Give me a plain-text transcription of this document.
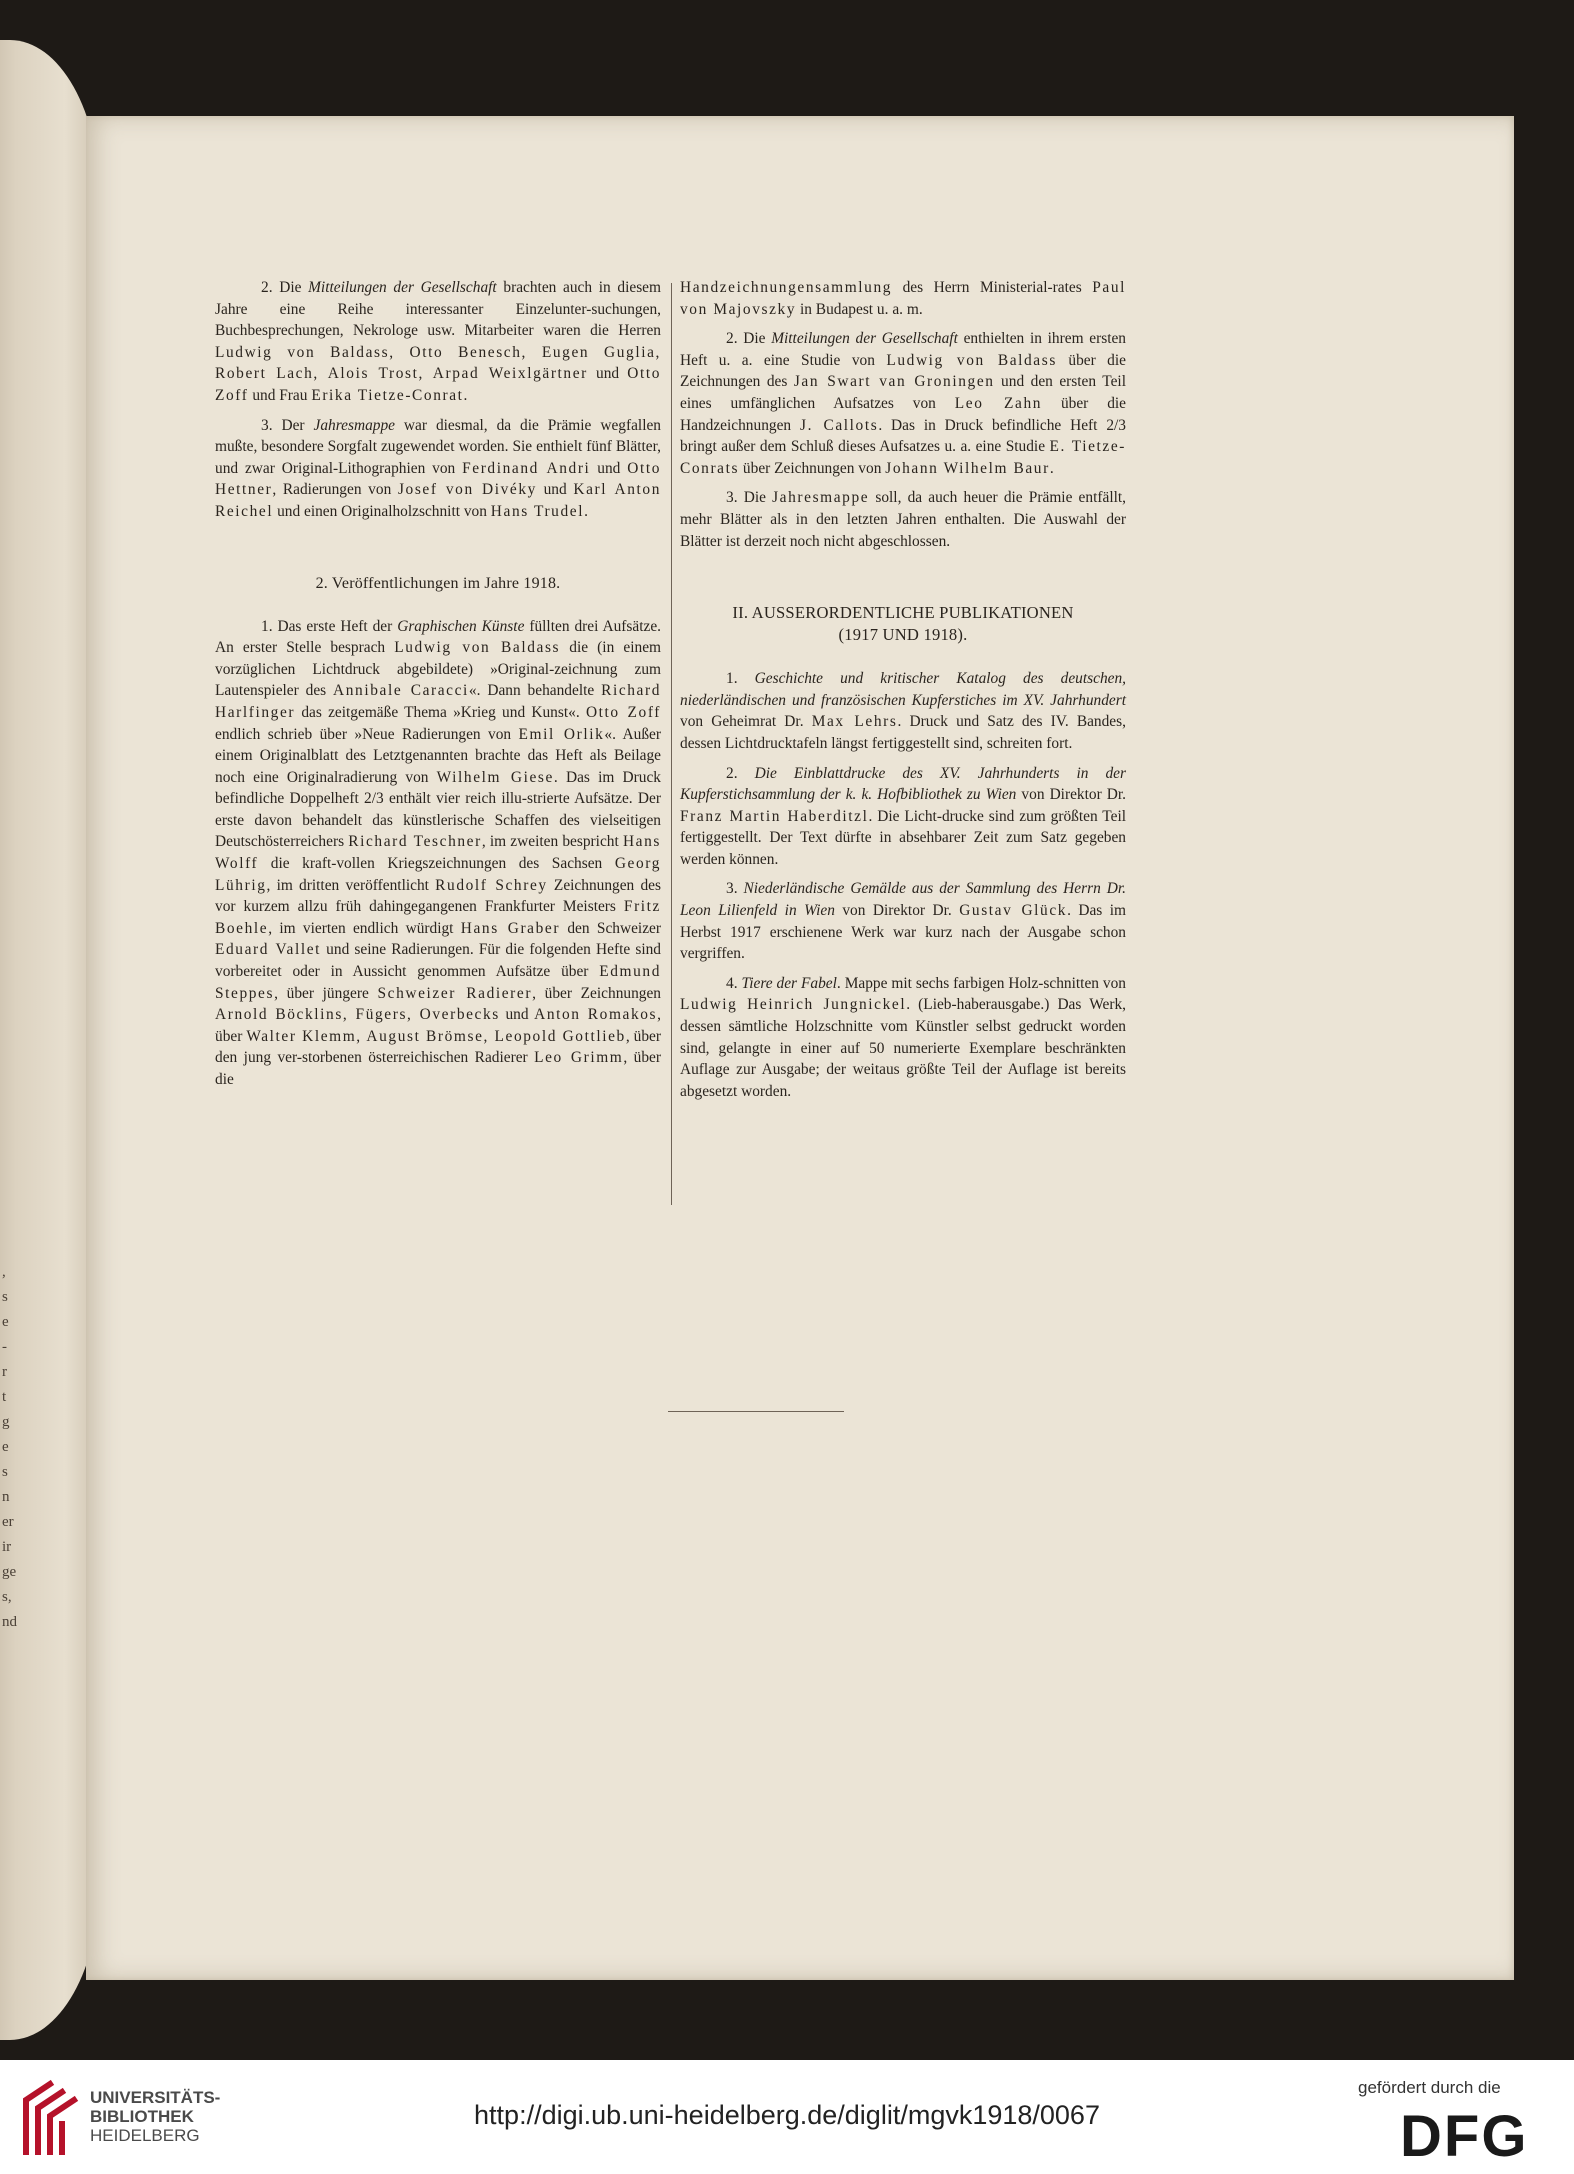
,
s
e
-
r
t
g
e
s
n
er
ir
ge
s,
nd

2. Die Mitteilungen der Gesellschaft brachten auch in diesem Jahre eine Reihe interessanter Einzelunter-suchungen, Buchbesprechungen, Nekrologe usw. Mitarbeiter waren die Herren Ludwig von Baldass, Otto Benesch, Eugen Guglia, Robert Lach, Alois Trost, Arpad Weixlgärtner und Otto Zoff und Frau Erika Tietze-Conrat.

3. Der Jahresmappe war diesmal, da die Prämie wegfallen mußte, besondere Sorgfalt zugewendet worden. Sie enthielt fünf Blätter, und zwar Original-Lithographien von Ferdinand Andri und Otto Hettner, Radierungen von Josef von Divéky und Karl Anton Reichel und einen Originalholzschnitt von Hans Trudel.

2. Veröffentlichungen im Jahre 1918.

1. Das erste Heft der Graphischen Künste füllten drei Aufsätze. An erster Stelle besprach Ludwig von Baldass die (in einem vorzüglichen Lichtdruck abgebildete) »Original-zeichnung zum Lautenspieler des Annibale Caracci«. Dann behandelte Richard Harlfinger das zeitgemäße Thema »Krieg und Kunst«. Otto Zoff endlich schrieb über »Neue Radierungen von Emil Orlik«. Außer einem Originalblatt des Letztgenannten brachte das Heft als Beilage noch eine Originalradierung von Wilhelm Giese. Das im Druck befindliche Doppelheft 2/3 enthält vier reich illu-strierte Aufsätze. Der erste davon behandelt das künstlerische Schaffen des vielseitigen Deutschösterreichers Richard Teschner, im zweiten bespricht Hans Wolff die kraft-vollen Kriegszeichnungen des Sachsen Georg Lührig, im dritten veröffentlicht Rudolf Schrey Zeichnungen des vor kurzem allzu früh dahingegangenen Frankfurter Meisters Fritz Boehle, im vierten endlich würdigt Hans Graber den Schweizer Eduard Vallet und seine Radierungen. Für die folgenden Hefte sind vorbereitet oder in Aussicht genommen Aufsätze über Edmund Steppes, über jüngere Schweizer Radierer, über Zeichnungen Arnold Böcklins, Fügers, Overbecks und Anton Romakos, über Walter Klemm, August Brömse, Leopold Gottlieb, über den jung ver-storbenen österreichischen Radierer Leo Grimm, über die

Handzeichnungensammlung des Herrn Ministerial-rates Paul von Majovszky in Budapest u. a. m.

2. Die Mitteilungen der Gesellschaft enthielten in ihrem ersten Heft u. a. eine Studie von Ludwig von Baldass über die Zeichnungen des Jan Swart van Groningen und den ersten Teil eines umfänglichen Aufsatzes von Leo Zahn über die Handzeichnungen J. Callots. Das in Druck befindliche Heft 2/3 bringt außer dem Schluß dieses Aufsatzes u. a. eine Studie E. Tietze-Conrats über Zeichnungen von Johann Wilhelm Baur.

3. Die Jahresmappe soll, da auch heuer die Prämie entfällt, mehr Blätter als in den letzten Jahren enthalten. Die Auswahl der Blätter ist derzeit noch nicht abgeschlossen.

II. AUSSERORDENTLICHE PUBLIKATIONEN
(1917 UND 1918).

1. Geschichte und kritischer Katalog des deutschen, niederländischen und französischen Kupferstiches im XV. Jahrhundert von Geheimrat Dr. Max Lehrs. Druck und Satz des IV. Bandes, dessen Lichtdrucktafeln längst fertiggestellt sind, schreiten fort.

2. Die Einblattdrucke des XV. Jahrhunderts in der Kupferstichsammlung der k. k. Hofbibliothek zu Wien von Direktor Dr. Franz Martin Haberditzl. Die Licht-drucke sind zum größten Teil fertiggestellt. Der Text dürfte in absehbarer Zeit zum Satz gegeben werden können.

3. Niederländische Gemälde aus der Sammlung des Herrn Dr. Leon Lilienfeld in Wien von Direktor Dr. Gustav Glück. Das im Herbst 1917 erschienene Werk war kurz nach der Ausgabe schon vergriffen.

4. Tiere der Fabel. Mappe mit sechs farbigen Holz-schnitten von Ludwig Heinrich Jungnickel. (Lieb-haberausgabe.) Das Werk, dessen sämtliche Holzschnitte vom Künstler selbst gedruckt worden sind, gelangte in einer auf 50 numerierte Exemplare beschränkten Auflage zur Ausgabe; der weitaus größte Teil der Auflage ist bereits abgesetzt worden.

UNIVERSITÄTS-
BIBLIOTHEK
HEIDELBERG
http://digi.ub.uni-heidelberg.de/diglit/mgvk1918/0067
gefördert durch die
DFG
